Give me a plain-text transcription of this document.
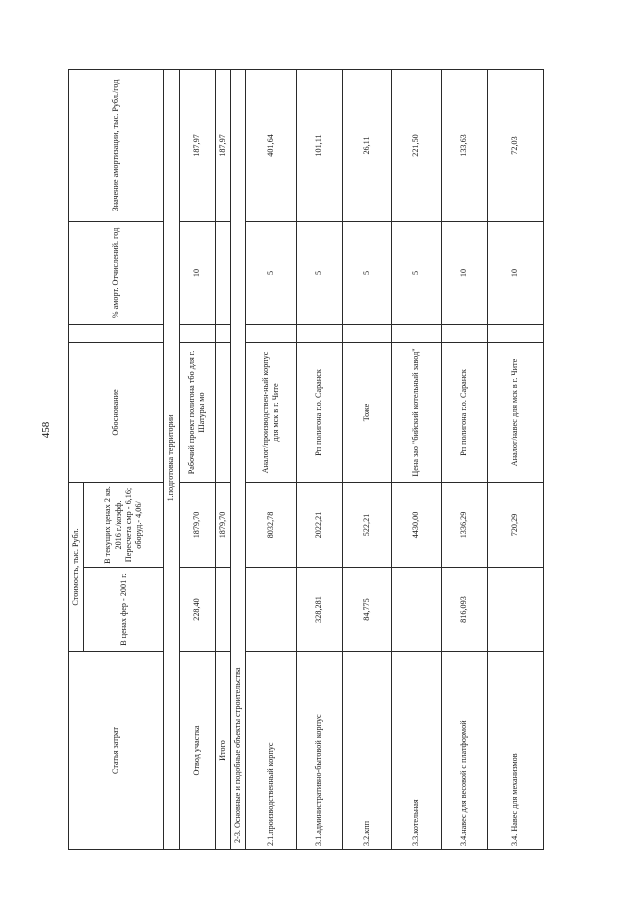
458
Статья затрат	Стоимость, тыс. Рубл.		Обоснование		% аморт. Отчислений. год	Значение амортизации, тыс. Рубл./год
	В ценах фер - 2001 г.	В текущих ценах 2 кв. 2016 г./коэфф. Пересчета смр - 6,16; оборуд.- 4,06/				
1.подготовка территории						
Отвод участка	228,40	1879,70	Рабочий проект полигона тбо для г. Шатуры мо		10	187,97
Итого		1879,70				187,97
2-3. Основные и подобные объекты строительства						
2.1.производственный корпус		8032,78	Аналог/производствен-ный корпус для мск в г. Чите		5	401,64
3.1.административно-бытовой корпус	328,281	2022,21	Рп полигона г.о. Саранск		5	101,11
3.2.кпп	84,775	522,21	Тоже		5	26,11
3.3.котельная		4430,00	Цена зао "бийский котельный завод"		5	221,50
3.4.навес для весовой с платформой	816,093	1336,29	Рп полигона г.о. Саранск		10	133,63
3.4. Навес для механизмов		720,29	Аналог/навес для мск в г. Чите		10	72,03
